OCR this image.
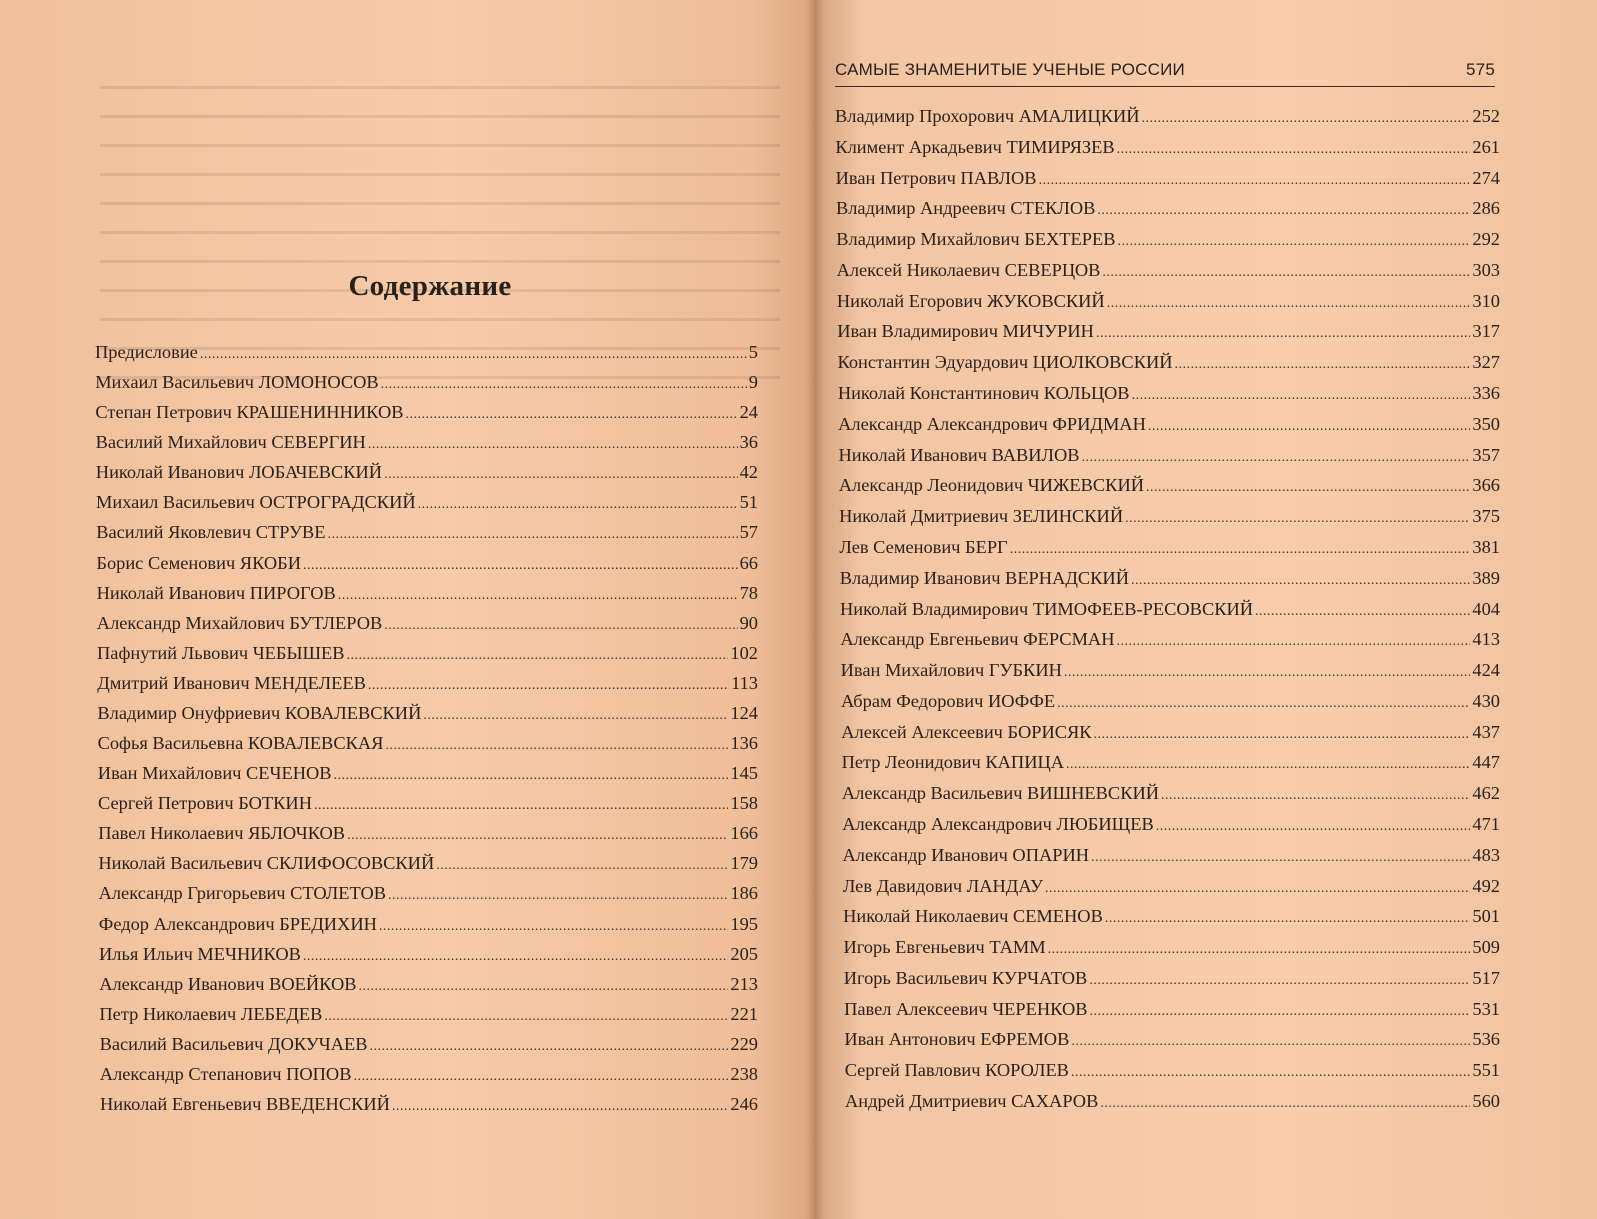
Содержание
САМЫЕ ЗНАМЕНИТЫЕ УЧЕНЫЕ РОССИИ	575
Предисловие .....	5
Михаил Васильевич ЛОМОНОСОВ .....	9
Степан Петрович КРАШЕНИННИКОВ .....	24
Василий Михайлович СЕВЕРГИН .....	36
Николай Иванович ЛОБАЧЕВСКИЙ .....	42
Михаил Васильевич ОСТРОГРАДСКИЙ .....	51
Василий Яковлевич СТРУВЕ .....	57
Борис Семенович ЯКОБИ .....	66
Николай Иванович ПИРОГОВ .....	78
Александр Михайлович БУТЛЕРОВ .....	90
Пафнутий Львович ЧЕБЫШЕВ .....	102
Дмитрий Иванович МЕНДЕЛЕЕВ .....	113
Владимир Онуфриевич КОВАЛЕВСКИЙ .....	124
Софья Васильевна КОВАЛЕВСКАЯ .....	136
Иван Михайлович СЕЧЕНОВ .....	145
Сергей Петрович БОТКИН .....	158
Павел Николаевич ЯБЛОЧКОВ .....	166
Николай Васильевич СКЛИФОСОВСКИЙ .....	179
Александр Григорьевич СТОЛЕТОВ .....	186
Федор Александрович БРЕДИХИН .....	195
Илья Ильич МЕЧНИКОВ .....	205
Александр Иванович ВОЕЙКОВ .....	213
Петр Николаевич ЛЕБЕДЕВ .....	221
Василий Васильевич ДОКУЧАЕВ .....	229
Александр Степанович ПОПОВ .....	238
Николай Евгеньевич ВВЕДЕНСКИЙ .....	246
Владимир Прохорович АМАЛИЦКИЙ .....	252
Климент Аркадьевич ТИМИРЯЗЕВ .....	261
Иван Петрович ПАВЛОВ .....	274
Владимир Андреевич СТЕКЛОВ .....	286
Владимир Михайлович БЕХТЕРЕВ .....	292
Алексей Николаевич СЕВЕРЦОВ .....	303
Николай Егорович ЖУКОВСКИЙ .....	310
Иван Владимирович МИЧУРИН .....	317
Константин Эдуардович ЦИОЛКОВСКИЙ .....	327
Николай Константинович КОЛЬЦОВ .....	336
Александр Александрович ФРИДМАН .....	350
Николай Иванович ВАВИЛОВ .....	357
Александр Леонидович ЧИЖЕВСКИЙ .....	366
Николай Дмитриевич ЗЕЛИНСКИЙ .....	375
Лев Семенович БЕРГ .....	381
Владимир Иванович ВЕРНАДСКИЙ .....	389
Николай Владимирович ТИМОФЕЕВ-РЕСОВСКИЙ .....	404
Александр Евгеньевич ФЕРСМАН .....	413
Иван Михайлович ГУБКИН .....	424
Абрам Федорович ИОФФЕ .....	430
Алексей Алексеевич БОРИСЯК .....	437
Петр Леонидович КАПИЦА .....	447
Александр Васильевич ВИШНЕВСКИЙ .....	462
Александр Александрович ЛЮБИЩЕВ .....	471
Александр Иванович ОПАРИН .....	483
Лев Давидович ЛАНДАУ .....	492
Николай Николаевич СЕМЕНОВ .....	501
Игорь Евгеньевич ТАММ .....	509
Игорь Васильевич КУРЧАТОВ .....	517
Павел Алексеевич ЧЕРЕНКОВ .....	531
Иван Антонович ЕФРЕМОВ .....	536
Сергей Павлович КОРОЛЕВ .....	551
Андрей Дмитриевич САХАРОВ .....	560
